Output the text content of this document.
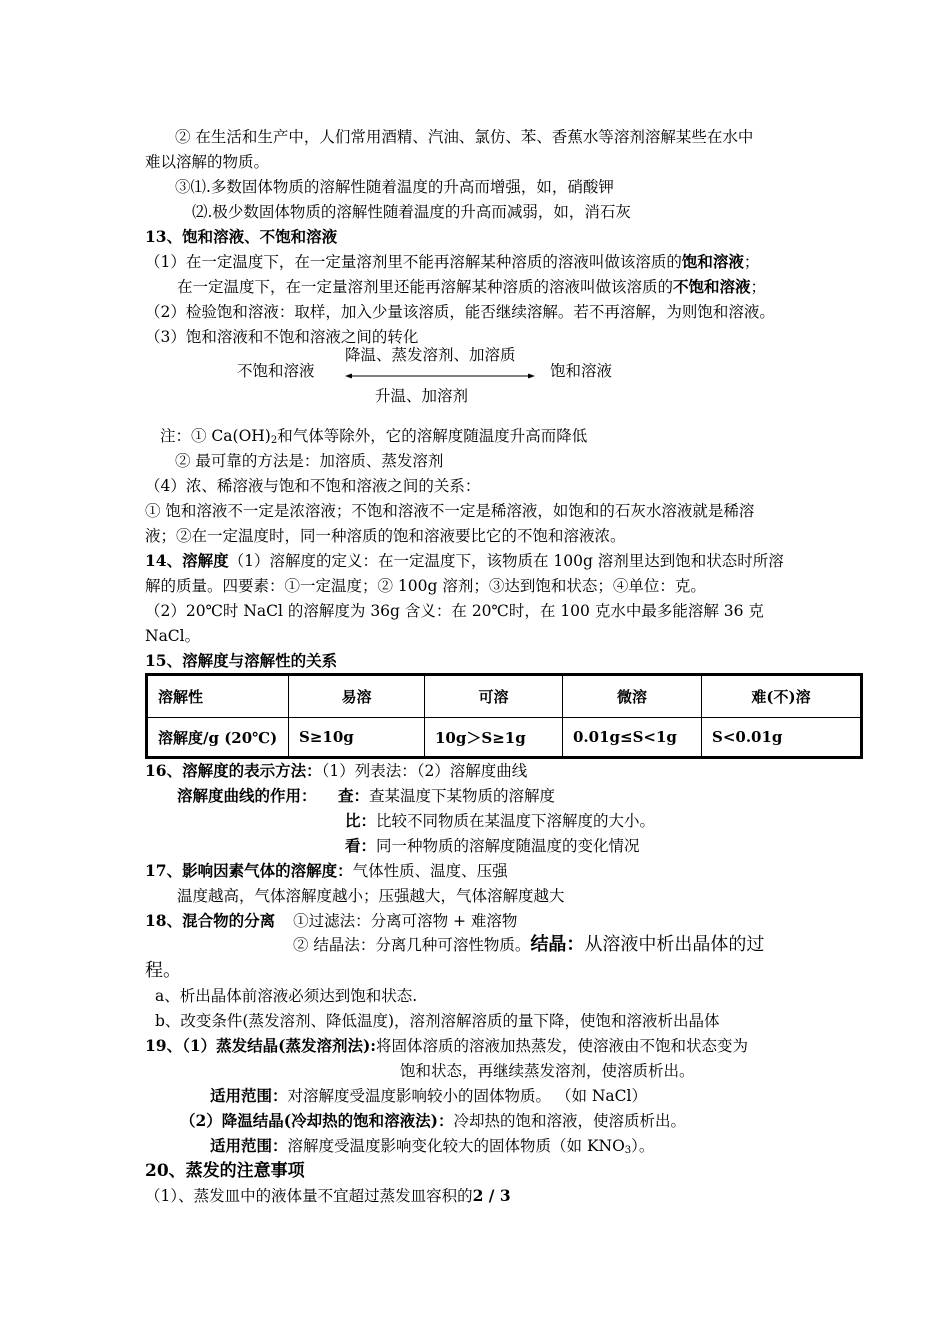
② 在生活和生产中，人们常用酒精、汽油、氯仿、苯、香蕉水等溶剂溶解某些在水中
难以溶解的物质。
③⑴.多数固体物质的溶解性随着温度的升高而增强，如，硝酸钾
⑵.极少数固体物质的溶解性随着温度的升高而减弱，如，消石灰
13、饱和溶液、不饱和溶液
（1）在一定温度下，在一定量溶剂里不能再溶解某种溶质的溶液叫做该溶质的饱和溶液；
在一定温度下，在一定量溶剂里还能再溶解某种溶质的溶液叫做该溶质的不饱和溶液；
（2）检验饱和溶液：取样，加入少量该溶质，能否继续溶解。若不再溶解，为则饱和溶液。
（3）饱和溶液和不饱和溶液之间的转化
降温、蒸发溶剂、加溶质
不饱和溶液	饱和溶液
升温、加溶剂
注：① $Ca(OH)_2$和气体等除外，它的溶解度随温度升高而降低
② 最可靠的方法是：加溶质、蒸发溶剂
（4）浓、稀溶液与饱和不饱和溶液之间的关系：
① 饱和溶液不一定是浓溶液；不饱和溶液不一定是稀溶液，如饱和的石灰水溶液就是稀溶
液；②在一定温度时，同一种溶质的饱和溶液要比它的不饱和溶液浓。
14、溶解度（1）溶解度的定义：在一定温度下，该物质在 100g 溶剂里达到饱和状态时所溶
解的质量。四要素：①一定温度；② 100g 溶剂；③达到饱和状态；④单位：克。
（2）20℃时 NaCl 的溶解度为 36g 含义：在 20℃时，在 100 克水中最多能溶解 36 克
NaCl。
15、溶解度与溶解性的关系
溶解性	易溶	可溶	微溶	难(不)溶
溶解度/g (20℃)	S≥10g	10g＞S≥1g	0.01g≤S<1g	S<0.01g
16、溶解度的表示方法：（1）列表法：（2）溶解度曲线
溶解度曲线的作用： 查：查某温度下某物质的溶解度
比：比较不同物质在某温度下溶解度的大小。
看：同一种物质的溶解度随温度的变化情况
17、影响因素气体的溶解度：气体性质、温度、压强
温度越高，气体溶解度越小；压强越大，气体溶解度越大
18、混合物的分离 ①过滤法：分离可溶物 + 难溶物
② 结晶法：分离几种可溶性物质。结晶：从溶液中析出晶体的过
程。
a、析出晶体前溶液必须达到饱和状态.
b、改变条件(蒸发溶剂、降低温度)，溶剂溶解溶质的量下降，使饱和溶液析出晶体
19、（1）蒸发结晶(蒸发溶剂法):将固体溶质的溶液加热蒸发，使溶液由不饱和状态变为
饱和状态，再继续蒸发溶剂，使溶质析出。
适用范围：对溶解度受温度影响较小的固体物质。 （如 NaCl）
（2）降温结晶(冷却热的饱和溶液法)：冷却热的饱和溶液，使溶质析出。
适用范围：溶解度受温度影响变化较大的固体物质（如 $KNO_3$）。
20、蒸发的注意事项
（1）、蒸发皿中的液体量不宜超过蒸发皿容积的2 / 3
